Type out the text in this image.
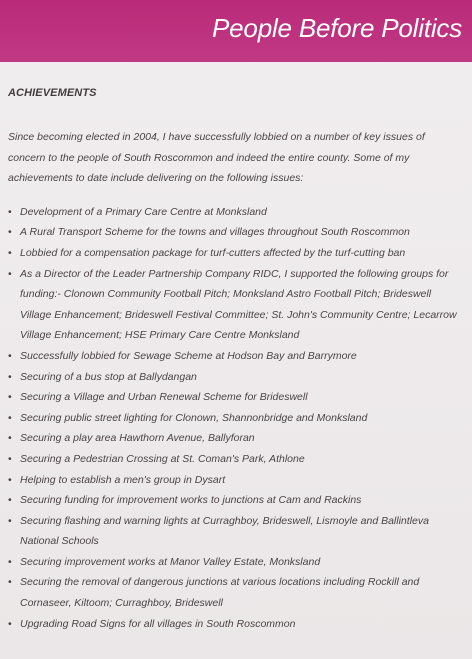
People Before Politics
ACHIEVEMENTS
Since becoming elected in 2004, I have successfully lobbied on a number of key issues of concern to the people of South Roscommon and indeed the entire county. Some of my achievements to date include delivering on the following issues:
• Development of a Primary Care Centre at Monksland
• A Rural Transport Scheme for the towns and villages throughout South Roscommon
• Lobbied for a compensation package for turf-cutters affected by the turf-cutting ban
• As a Director of the Leader Partnership Company RIDC, I supported the following groups for funding:- Clonown Community Football Pitch; Monksland Astro Football Pitch; Brideswell Village Enhancement; Brideswell Festival Committee; St. John's Community Centre; Lecarrow Village Enhancement; HSE Primary Care Centre Monksland
• Successfully lobbied for Sewage Scheme at Hodson Bay and Barrymore
• Securing of a bus stop at Ballydangan
• Securing a Village and Urban Renewal Scheme for Brideswell
• Securing public street lighting for Clonown, Shannonbridge and Monksland
• Securing a play area Hawthorn Avenue, Ballyforan
• Securing a Pedestrian Crossing at St. Coman's Park, Athlone
• Helping to establish a men's group in Dysart
• Securing funding for improvement works to junctions at Cam and Rackins
• Securing flashing and warning lights at Curraghboy, Brideswell, Lismoyle and Ballintleva National Schools
• Securing improvement works at Manor Valley Estate, Monksland
• Securing the removal of dangerous junctions at various locations including Rockill and Cornaseer, Kiltoom; Curraghboy, Brideswell
• Upgrading Road Signs for all villages in South Roscommon
